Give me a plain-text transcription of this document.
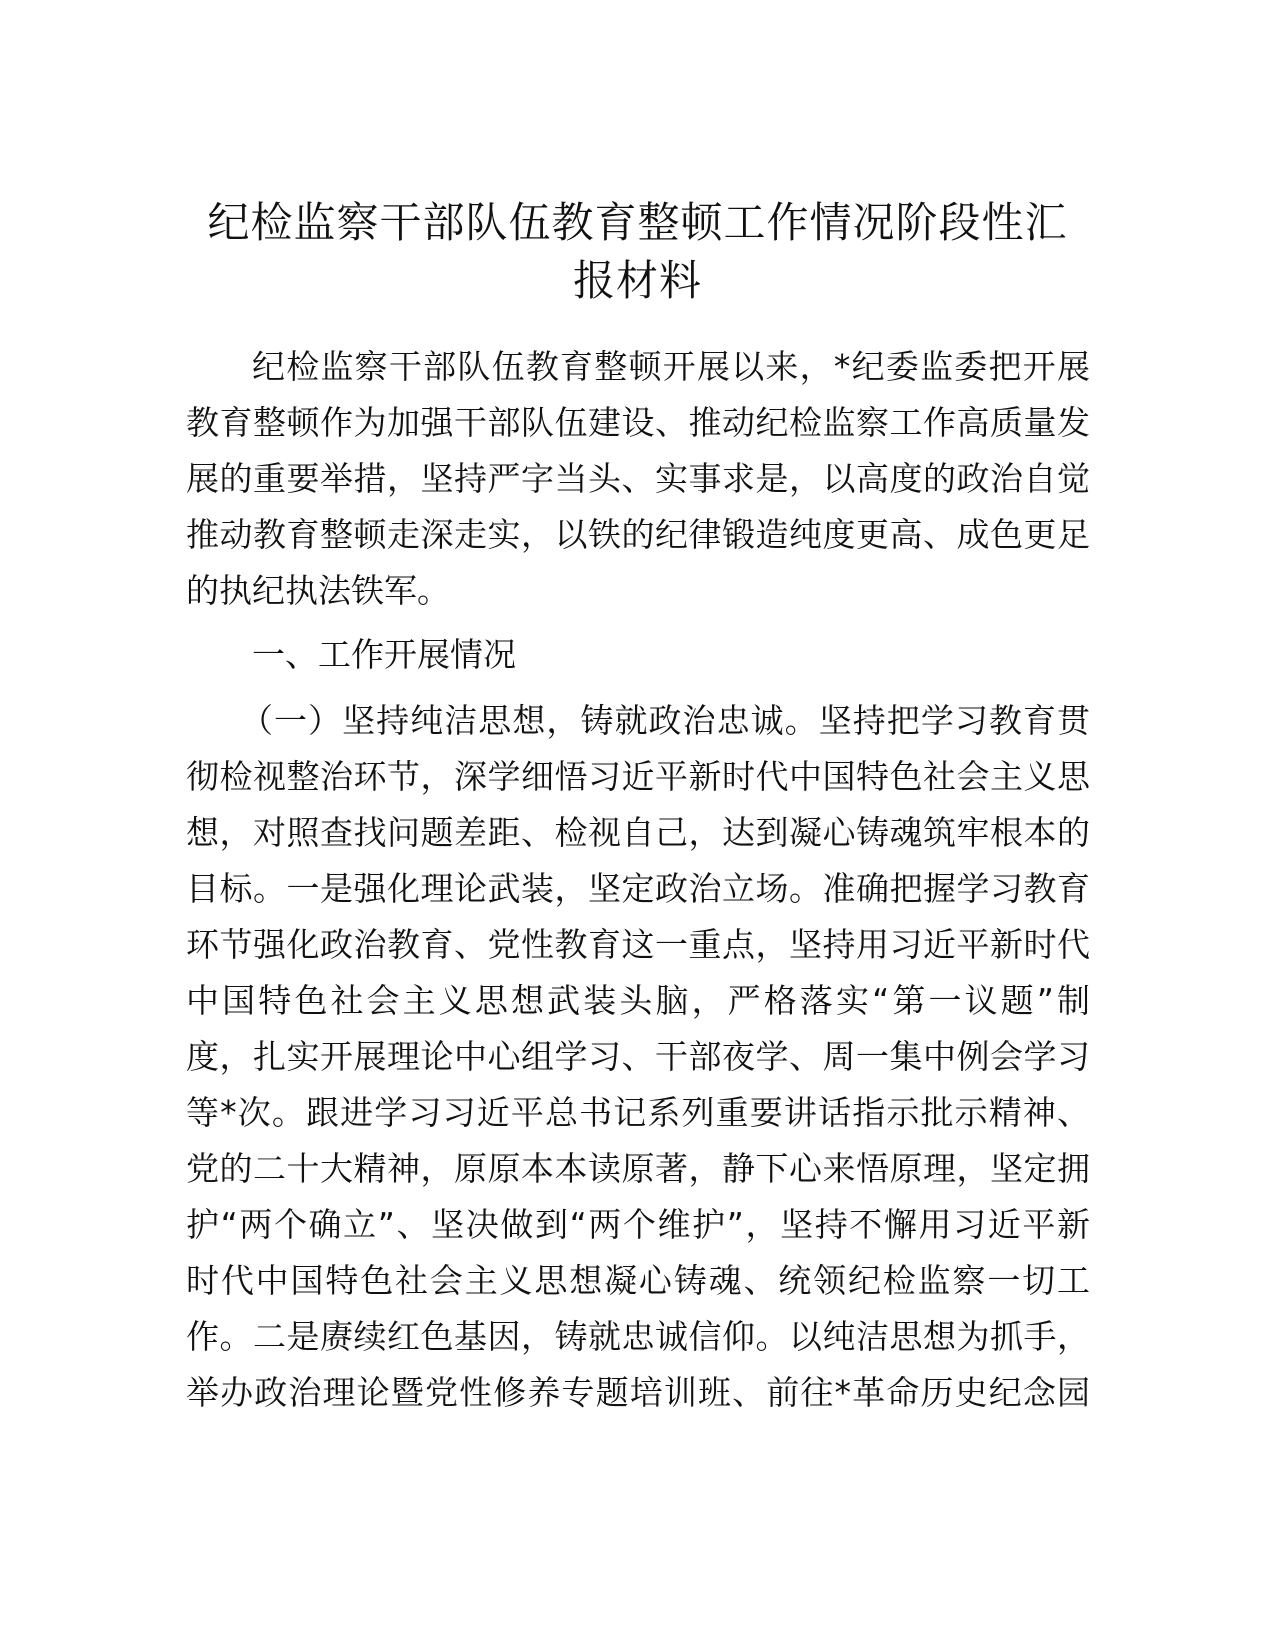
纪检监察干部队伍教育整顿工作情况阶段性汇
报材料
纪检监察干部队伍教育整顿开展以来，*纪委监委把开展
教育整顿作为加强干部队伍建设、推动纪检监察工作高质量发
展的重要举措，坚持严字当头、实事求是，以高度的政治自觉
推动教育整顿走深走实，以铁的纪律锻造纯度更高、成色更足
的执纪执法铁军。
一、工作开展情况
（一）坚持纯洁思想，铸就政治忠诚。坚持把学习教育贯
彻检视整治环节，深学细悟习近平新时代中国特色社会主义思
想，对照查找问题差距、检视自己，达到凝心铸魂筑牢根本的
目标。一是强化理论武装，坚定政治立场。准确把握学习教育
环节强化政治教育、党性教育这一重点，坚持用习近平新时代
中国特色社会主义思想武装头脑，严格落实“第一议题”制
度，扎实开展理论中心组学习、干部夜学、周一集中例会学习
等*次。跟进学习习近平总书记系列重要讲话指示批示精神、
党的二十大精神，原原本本读原著，静下心来悟原理，坚定拥
护“两个确立”、坚决做到“两个维护”，坚持不懈用习近平新
时代中国特色社会主义思想凝心铸魂、统领纪检监察一切工
作。二是赓续红色基因，铸就忠诚信仰。以纯洁思想为抓手，
举办政治理论暨党性修养专题培训班、前往*革命历史纪念园
